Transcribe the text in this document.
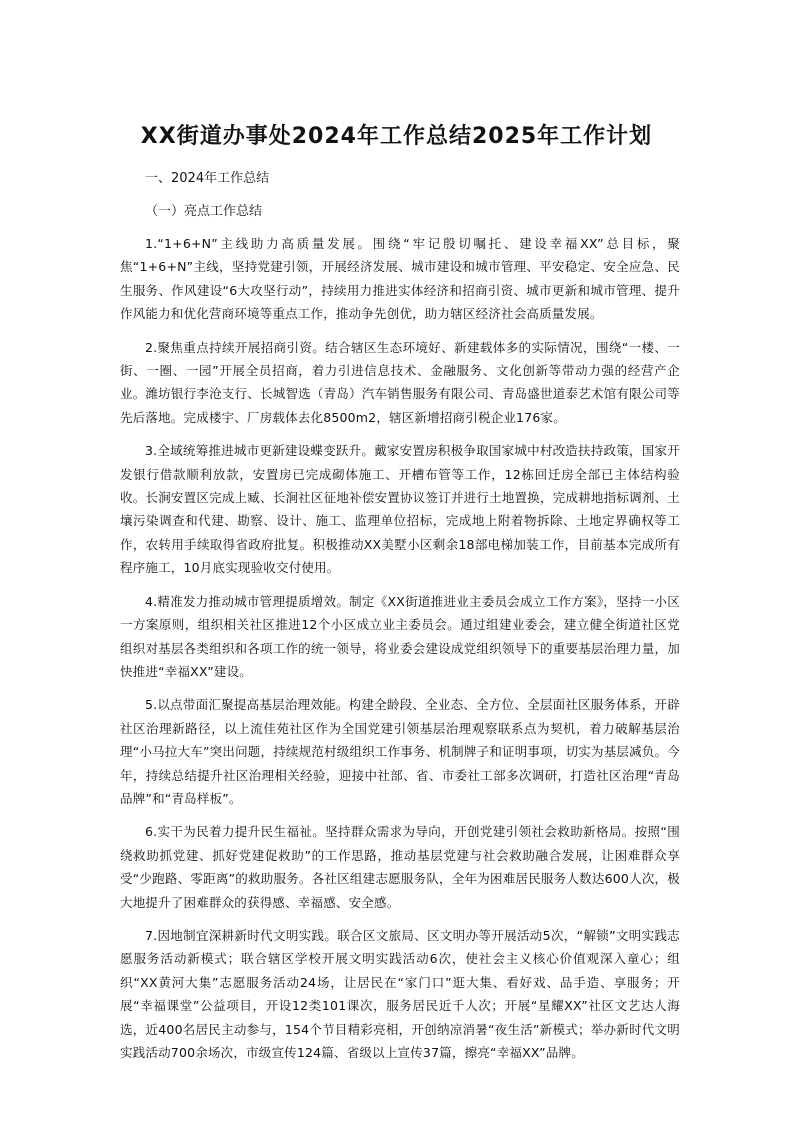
XX街道办事处2024年工作总结2025年工作计划
一、2024年工作总结
（一）亮点工作总结

1.“1+6+N”主线助力高质量发展。围绕“牢记殷切嘱托、建设幸福XX”总目标，聚焦“1+6+N”主线，坚持党建引领，开展经济发展、城市建设和城市管理、平安稳定、安全应急、民生服务、作风建设“6大攻坚行动”，持续用力推进实体经济和招商引资、城市更新和城市管理、提升作风能力和优化营商环境等重点工作，推动争先创优，助力辖区经济社会高质量发展。

2.聚焦重点持续开展招商引资。结合辖区生态环境好、新建载体多的实际情况，围绕“一楼、一街、一圈、一园”开展全员招商，着力引进信息技术、金融服务、文化创新等带动力强的经营产企业。潍坊银行李沧支行、长城智选（青岛）汽车销售服务有限公司、青岛盛世道泰艺术馆有限公司等先后落地。完成楼宇、厂房载体去化8500m2，辖区新增招商引税企业176家。

3.全域统筹推进城市更新建设蝶变跃升。戴家安置房积极争取国家城中村改造扶持政策，国家开发银行借款顺利放款，安置房已完成砌体施工、开槽布管等工作，12栋回迁房全部已主体结构验收。长涧安置区完成上臧、长涧社区征地补偿安置协议签订并进行土地置换，完成耕地指标调剂、土壤污染调查和代建、勘察、设计、施工、监理单位招标，完成地上附着物拆除、土地定界确权等工作，农转用手续取得省政府批复。积极推动XX美墅小区剩余18部电梯加装工作，目前基本完成所有程序施工，10月底实现验收交付使用。

4.精准发力推动城市管理提质增效。制定《XX街道推进业主委员会成立工作方案》，坚持一小区一方案原则，组织相关社区推进12个小区成立业主委员会。通过组建业委会，建立健全街道社区党组织对基层各类组织和各项工作的统一领导，将业委会建设成党组织领导下的重要基层治理力量，加快推进“幸福XX”建设。

5.以点带面汇聚提高基层治理效能。构建全龄段、全业态、全方位、全层面社区服务体系，开辟社区治理新路径，以上流佳苑社区作为全国党建引领基层治理观察联系点为契机，着力破解基层治理“小马拉大车”突出问题，持续规范村级组织工作事务、机制牌子和证明事项，切实为基层减负。今年，持续总结提升社区治理相关经验，迎接中社部、省、市委社工部多次调研，打造社区治理“青岛品牌”和“青岛样板”。

6.实干为民着力提升民生福祉。坚持群众需求为导向，开创党建引领社会救助新格局。按照“围绕救助抓党建、抓好党建促救助”的工作思路，推动基层党建与社会救助融合发展，让困难群众享受“少跑路、零距离”的救助服务。各社区组建志愿服务队，全年为困难居民服务人数达600人次，极大地提升了困难群众的获得感、幸福感、安全感。

7.因地制宜深耕新时代文明实践。联合区文旅局、区文明办等开展活动5次，“解锁”文明实践志愿服务活动新模式；联合辖区学校开展文明实践活动6次，使社会主义核心价值观深入童心；组织“XX黄河大集”志愿服务活动24场，让居民在“家门口”逛大集、看好戏、品手造、享服务；开展“幸福课堂”公益项目，开设12类101课次，服务居民近千人次；开展“星耀XX”社区文艺达人海选，近400名居民主动参与，154个节目精彩亮相，开创纳凉消暑“夜生活”新模式；举办新时代文明实践活动700余场次，市级宣传124篇、省级以上宣传37篇，擦亮“幸福XX”品牌。
